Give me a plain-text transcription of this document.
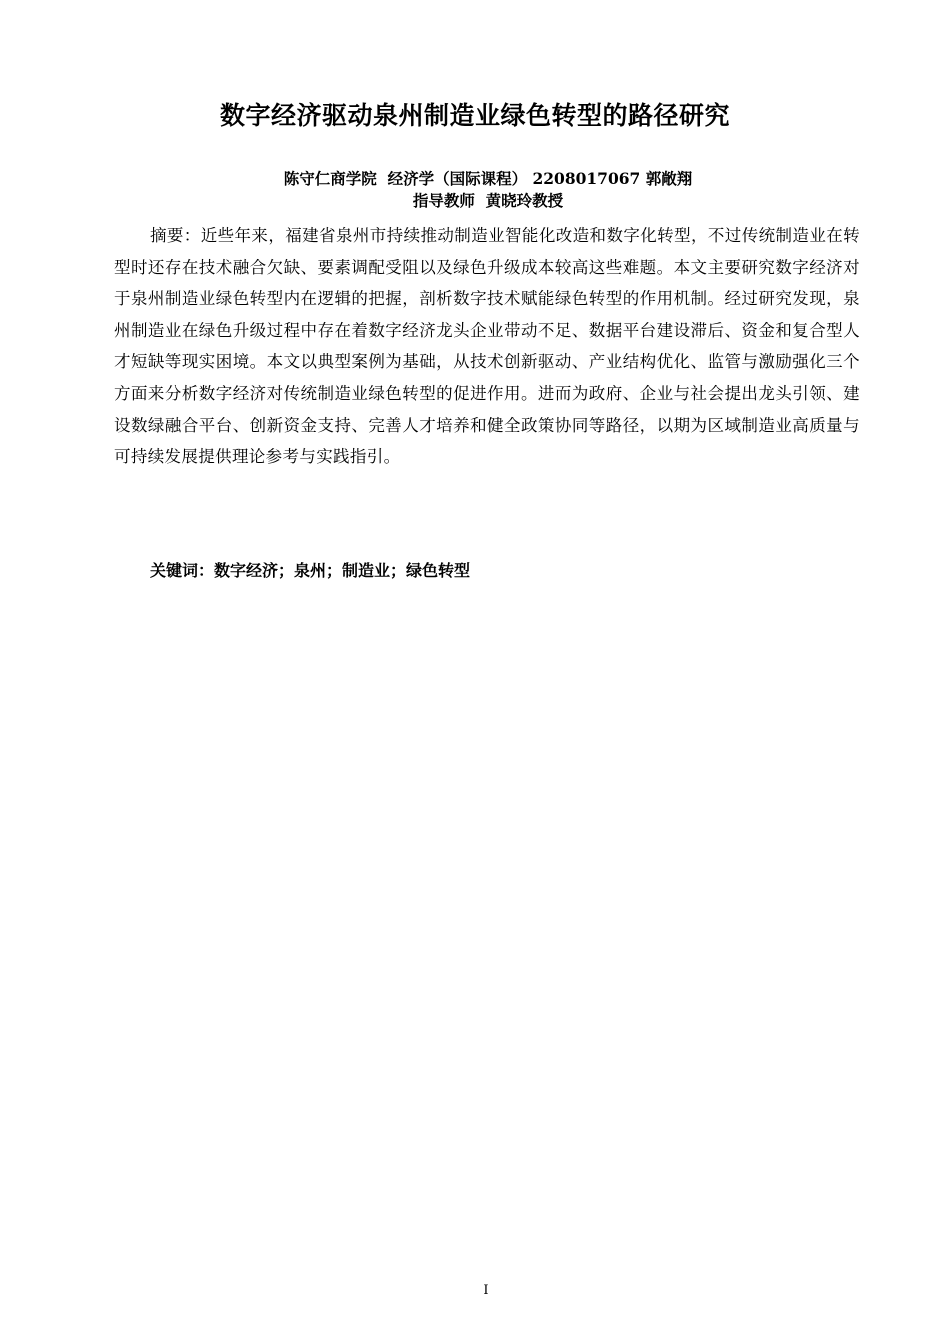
数字经济驱动泉州制造业绿色转型的路径研究
陈守仁商学院  经济学（国际课程） 2208017067 郭敞翔
指导教师  黄晓玲教授

摘要：近些年来，福建省泉州市持续推动制造业智能化改造和数字化转型，不过传统制造业在转型时还存在技术融合欠缺、要素调配受阻以及绿色升级成本较高这些难题。本文主要研究数字经济对于泉州制造业绿色转型内在逻辑的把握，剖析数字技术赋能绿色转型的作用机制。经过研究发现，泉州制造业在绿色升级过程中存在着数字经济龙头企业带动不足、数据平台建设滞后、资金和复合型人才短缺等现实困境。本文以典型案例为基础，从技术创新驱动、产业结构优化、监管与激励强化三个方面来分析数字经济对传统制造业绿色转型的促进作用。进而为政府、企业与社会提出龙头引领、建设数绿融合平台、创新资金支持、完善人才培养和健全政策协同等路径，以期为区域制造业高质量与可持续发展提供理论参考与实践指引。

关键词：数字经济；泉州；制造业；绿色转型
I
